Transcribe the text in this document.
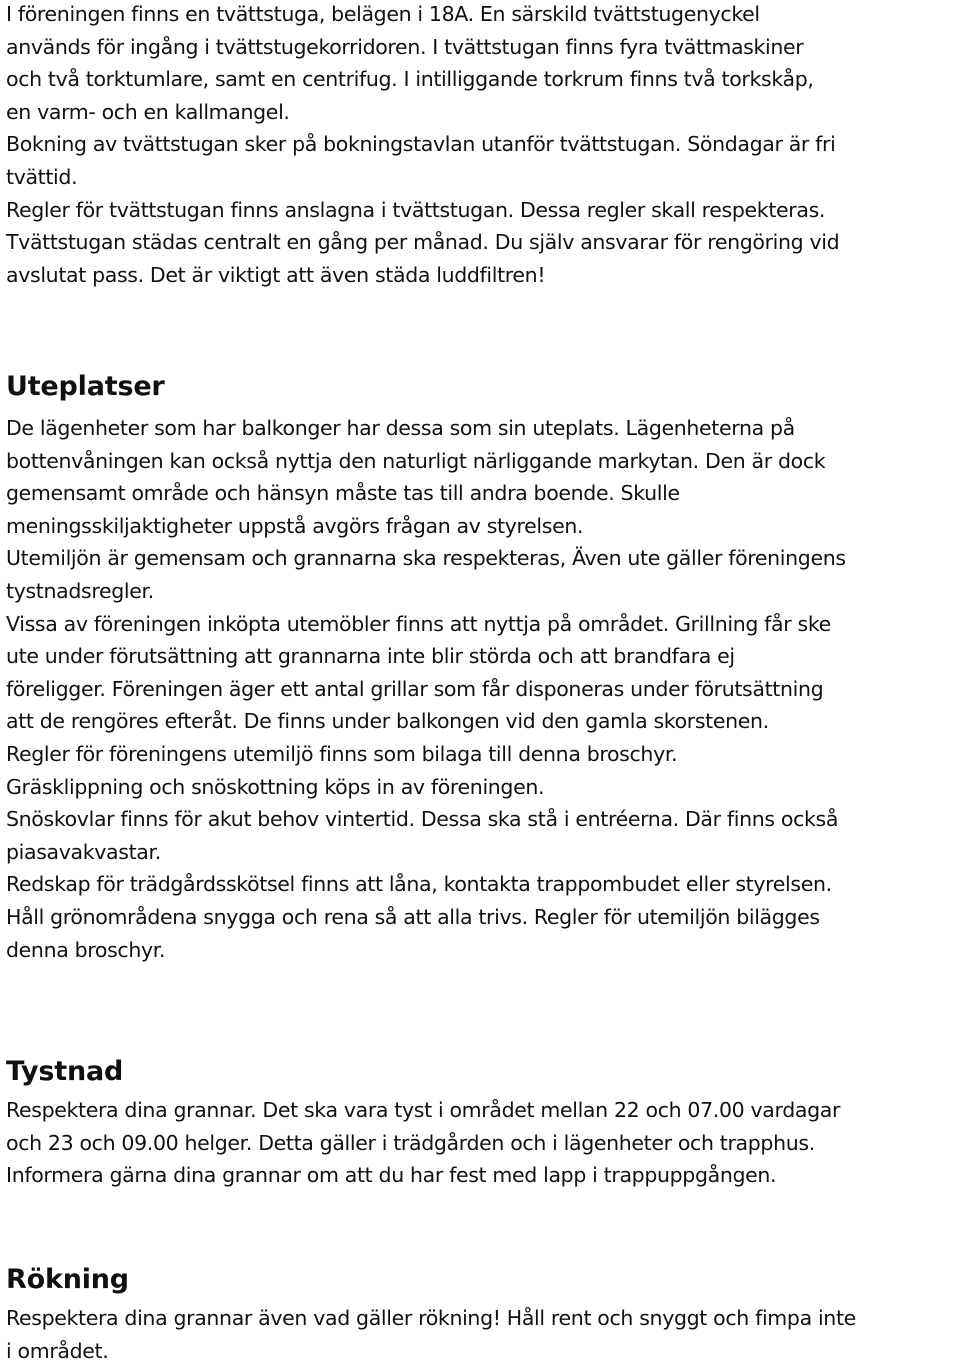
I föreningen finns en tvättstuga, belägen i 18A. En särskild tvättstugenyckel
används för ingång i tvättstugekorridoren. I tvättstugan finns fyra tvättmaskiner
och två torktumlare, samt en centrifug. I intilliggande torkrum finns två torkskåp,
en varm- och en kallmangel.
Bokning av tvättstugan sker på bokningstavlan utanför tvättstugan. Söndagar är fri
tvättid.
Regler för tvättstugan finns anslagna i tvättstugan. Dessa regler skall respekteras.
Tvättstugan städas centralt en gång per månad. Du själv ansvarar för rengöring vid
avslutat pass. Det är viktigt att även städa luddfiltren!
Uteplatser
De lägenheter som har balkonger har dessa som sin uteplats. Lägenheterna på
bottenvåningen kan också nyttja den naturligt närliggande markytan. Den är dock
gemensamt område och hänsyn måste tas till andra boende. Skulle
meningsskiljaktigheter uppstå avgörs frågan av styrelsen.
Utemiljön är gemensam och grannarna ska respekteras, Även ute gäller föreningens
tystnadsregler.
Vissa av föreningen inköpta utemöbler finns att nyttja på området. Grillning får ske
ute under förutsättning att grannarna inte blir störda och att brandfara ej
föreligger. Föreningen äger ett antal grillar som får disponeras under förutsättning
att de rengöres efteråt. De finns under balkongen vid den gamla skorstenen.
Regler för föreningens utemiljö finns som bilaga till denna broschyr.
Gräsklippning och snöskottning köps in av föreningen.
Snöskovlar finns för akut behov vintertid. Dessa ska stå i entréerna. Där finns också
piasavakvastar.
Redskap för trädgårdsskötsel finns att låna, kontakta trappombudet eller styrelsen.
Håll grönområdena snygga och rena så att alla trivs. Regler för utemiljön bilägges
denna broschyr.
Tystnad
Respektera dina grannar. Det ska vara tyst i området mellan 22 och 07.00 vardagar
och 23 och 09.00 helger. Detta gäller i trädgården och i lägenheter och trapphus.
Informera gärna dina grannar om att du har fest med lapp i trappuppgången.
Rökning
Respektera dina grannar även vad gäller rökning! Håll rent och snyggt och fimpa inte
i området.
